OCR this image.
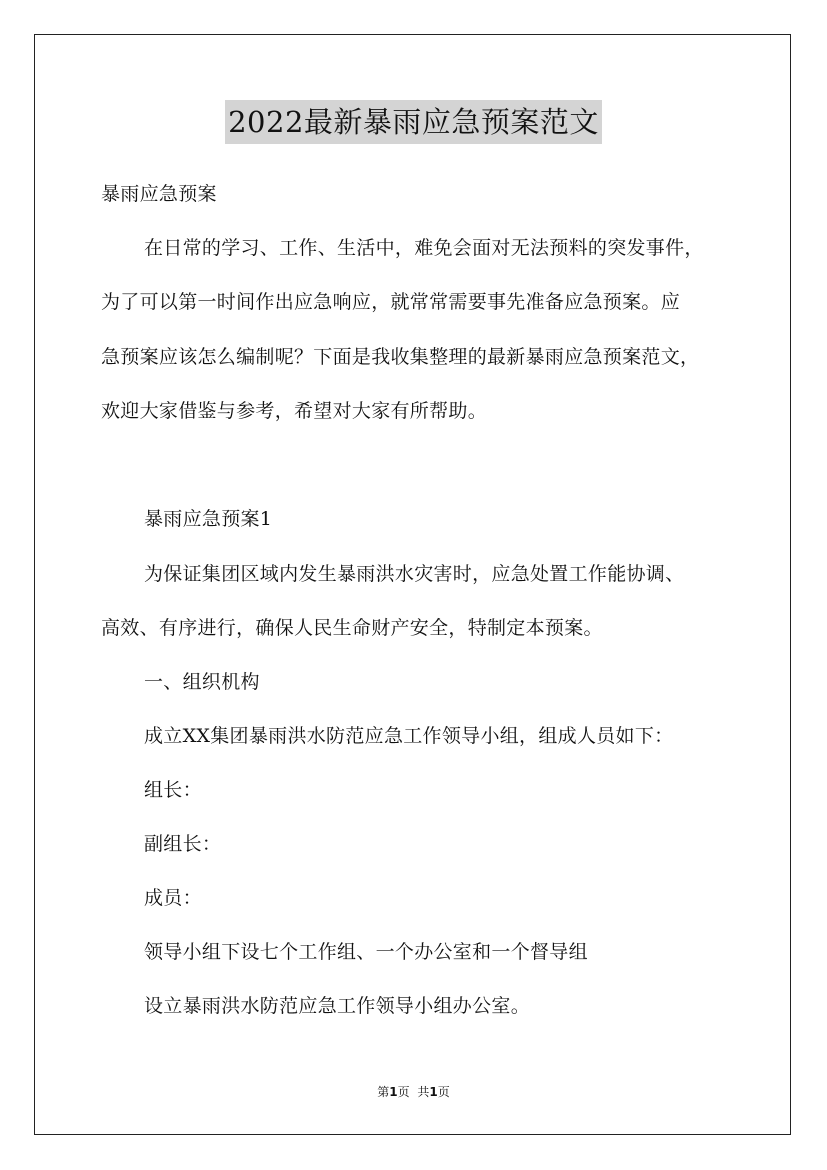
2022最新暴雨应急预案范文
暴雨应急预案
在日常的学习、工作、生活中，难免会面对无法预料的突发事件，
为了可以第一时间作出应急响应，就常常需要事先准备应急预案。应
急预案应该怎么编制呢？下面是我收集整理的最新暴雨应急预案范文，
欢迎大家借鉴与参考，希望对大家有所帮助。
暴雨应急预案1
为保证集团区域内发生暴雨洪水灾害时，应急处置工作能协调、
高效、有序进行，确保人民生命财产安全，特制定本预案。
一、组织机构
成立XX集团暴雨洪水防范应急工作领导小组，组成人员如下：
组长：
副组长：
成员：
领导小组下设七个工作组、一个办公室和一个督导组
设立暴雨洪水防范应急工作领导小组办公室。
第1页 共1页
